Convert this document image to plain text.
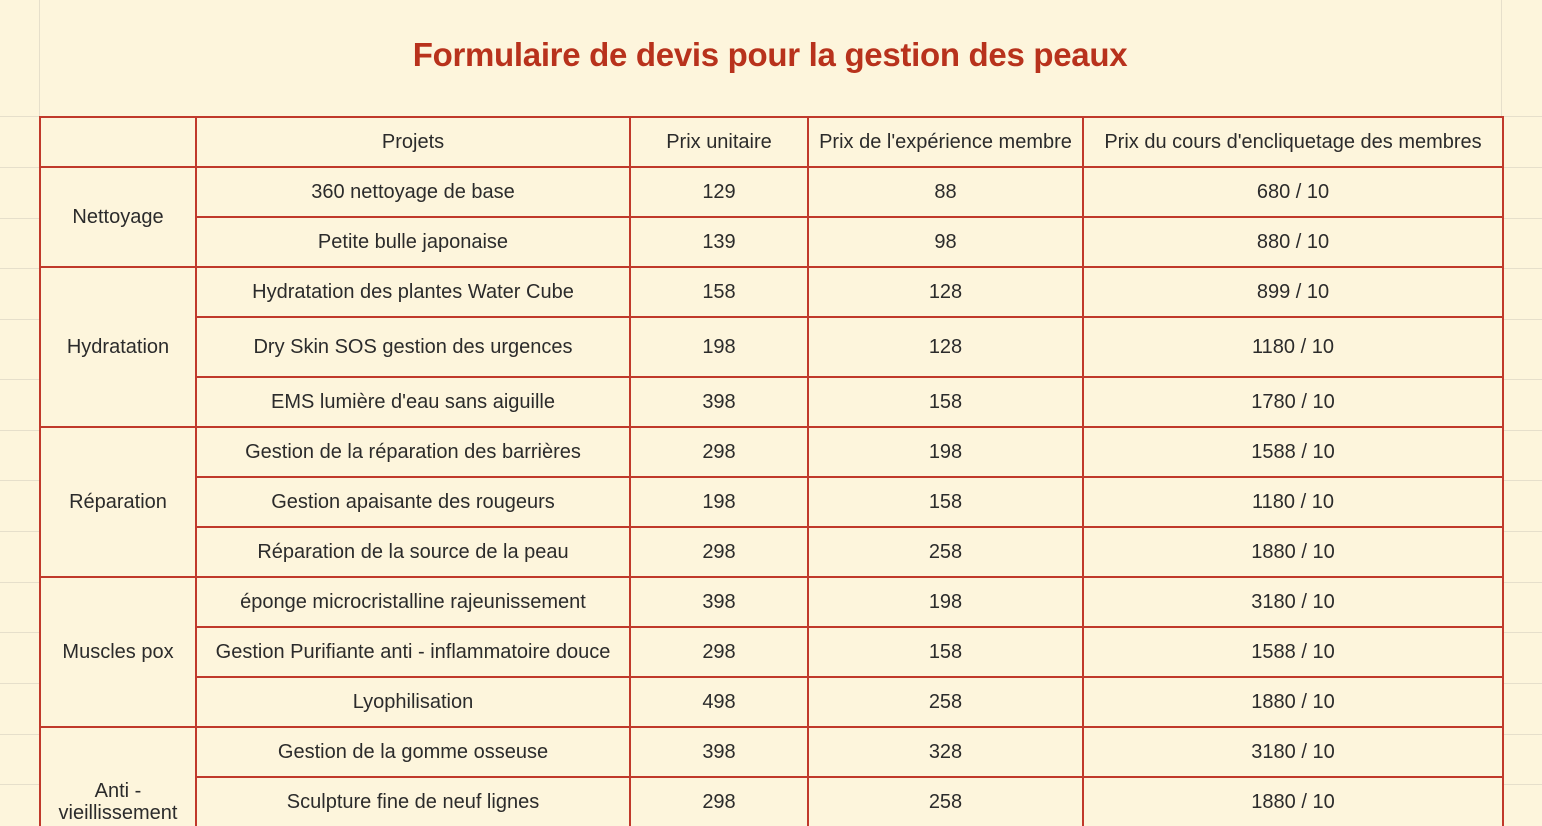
Formulaire de devis pour la gestion des peaux
	Projets	Prix unitaire	Prix de l'expérience membre	Prix du cours d'encliquetage des membres
Nettoyage	360 nettoyage de base	129	88	680 / 10
	Petite bulle japonaise	139	98	880 / 10
Hydratation	Hydratation des plantes Water Cube	158	128	899 / 10
	Dry Skin SOS gestion des urgences	198	128	1180 / 10
	EMS lumière d'eau sans aiguille	398	158	1780 / 10
Réparation	Gestion de la réparation des barrières	298	198	1588 / 10
	Gestion apaisante des rougeurs	198	158	1180 / 10
	Réparation de la source de la peau	298	258	1880 / 10
Muscles pox	éponge microcristalline rajeunissement	398	198	3180 / 10
	Gestion Purifiante anti - inflammatoire douce	298	158	1588 / 10
	Lyophilisation	498	258	1880 / 10
Anti - vieillissement	Gestion de la gomme osseuse	398	328	3180 / 10
	Sculpture fine de neuf lignes	298	258	1880 / 10
